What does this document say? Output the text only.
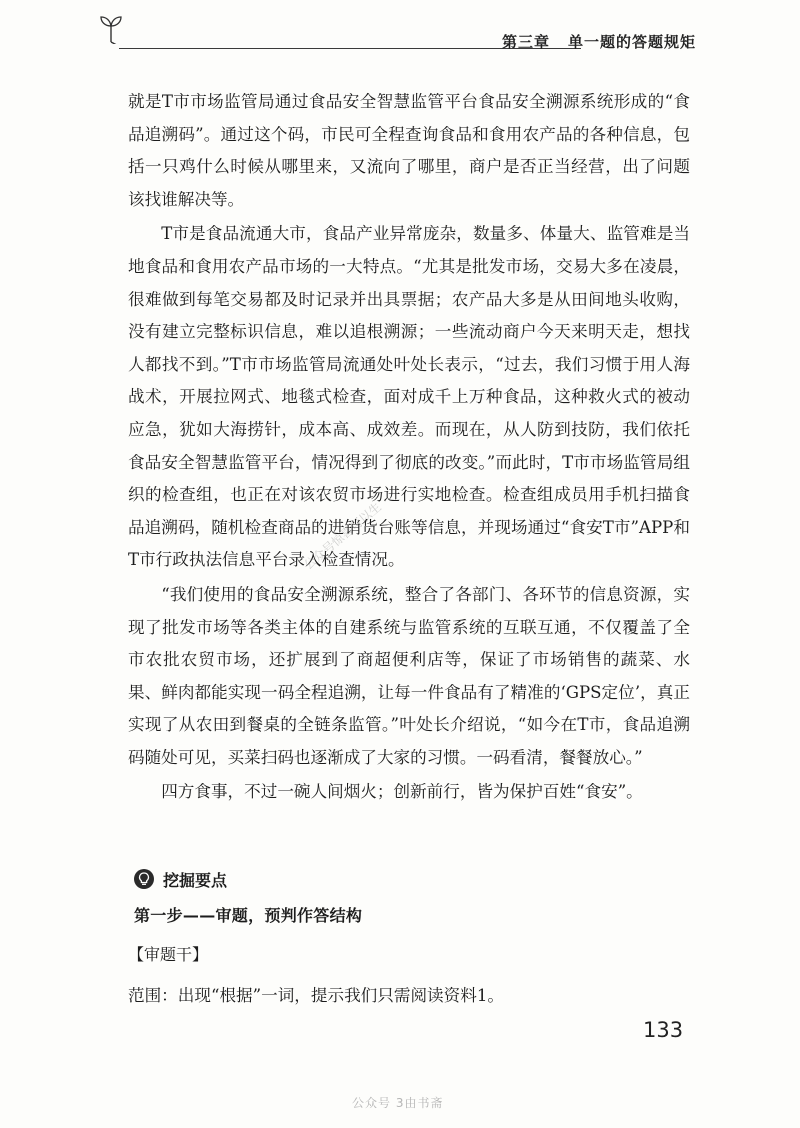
第三章 单一题的答题规矩

就是T市市场监管局通过食品安全智慧监管平台食品安全溯源系统形成的“食品追溯码”。通过这个码，市民可全程查询食品和食用农产品的各种信息，包括一只鸡什么时候从哪里来，又流向了哪里，商户是否正当经营，出了问题该找谁解决等。

T市是食品流通大市，食品产业异常庞杂，数量多、体量大、监管难是当地食品和食用农产品市场的一大特点。“尤其是批发市场，交易大多在凌晨，很难做到每笔交易都及时记录并出具票据；农产品大多是从田间地头收购，没有建立完整标识信息，难以追根溯源；一些流动商户今天来明天走，想找人都找不到。”T市市场监管局流通处叶处长表示，“过去，我们习惯于用人海战术，开展拉网式、地毯式检查，面对成千上万种食品，这种救火式的被动应急，犹如大海捞针，成本高、成效差。而现在，从人防到技防，我们依托食品安全智慧监管平台，情况得到了彻底的改变。”而此时，T市市场监管局组织的检查组，也正在对该农贸市场进行实地检查。检查组成员用手机扫描食品追溯码，随机检查商品的进销货台账等信息，并现场通过“食安T市”APP和T市行政执法信息平台录入检查情况。

“我们使用的食品安全溯源系统，整合了各部门、各环节的信息资源，实现了批发市场等各类主体的自建系统与监管系统的互联互通，不仅覆盖了全市农批农贸市场，还扩展到了商超便利店等，保证了市场销售的蔬菜、水果、鲜肉都能实现一码全程追溯，让每一件食品有了精准的‘GPS定位’，真正实现了从农田到餐桌的全链条监管。”叶处长介绍说，“如今在T市，食品追溯码随处可见，买菜扫码也逐渐成了大家的习惯。一码看清，餐餐放心。”

四方食事，不过一碗人间烟火；创新前行，皆为保护百姓“食安”。

公众号惊喜可以生
挖掘要点
第一步——审题，预判作答结构
【审题干】
范围：出现“根据”一词，提示我们只需阅读资料1。
133
公众号 3由书斋
